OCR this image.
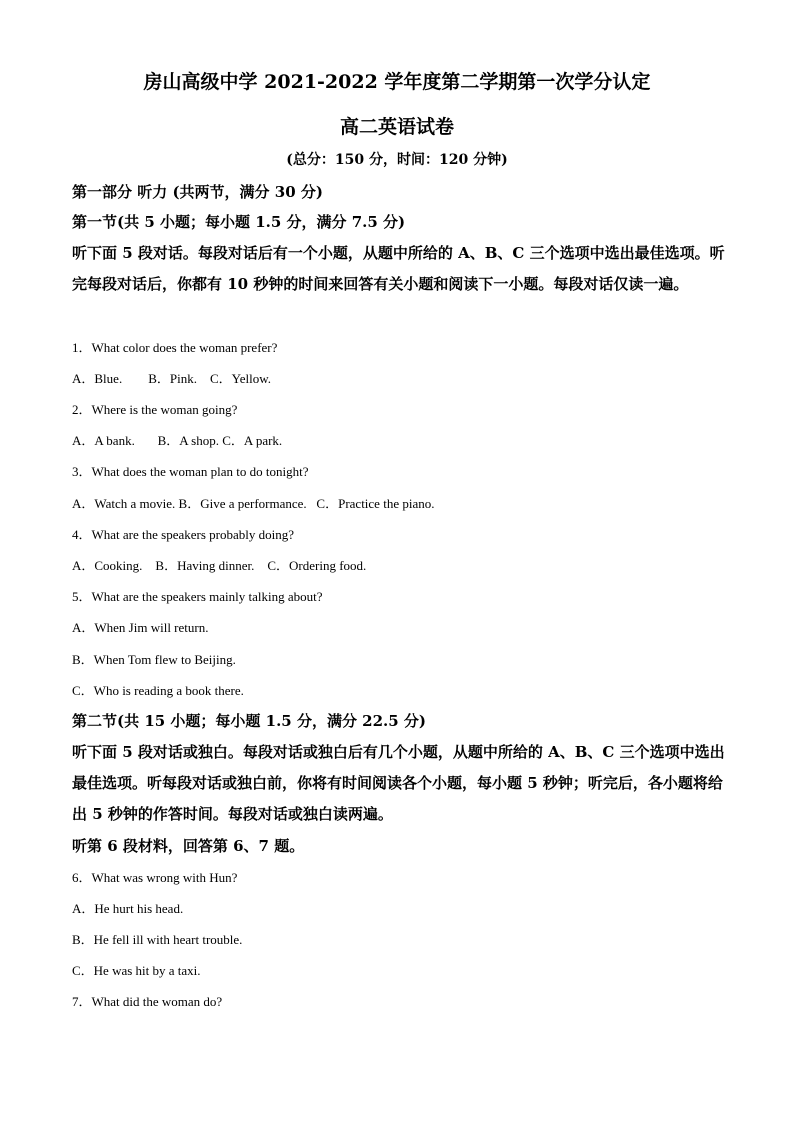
房山高级中学 2021-2022 学年度第二学期第一次学分认定
高二英语试卷
(总分：150 分，时间：120 分钟)
第一部分 听力 (共两节，满分 30 分)
第一节(共 5 小题；每小题 1.5 分，满分 7.5 分)
听下面 5 段对话。每段对话后有一个小题，从题中所给的 A、B、C 三个选项中选出最佳选项。听完每段对话后，你都有 10 秒钟的时间来回答有关小题和阅读下一小题。每段对话仅读一遍。
1．What color does the woman prefer?
A．Blue.        B．Pink.    C．Yellow.
2．Where is the woman going?
A．A bank.       B．A shop. C．A park.
3．What does the woman plan to do tonight?
A．Watch a movie. B．Give a performance.   C．Practice the piano.
4．What are the speakers probably doing?
A．Cooking.    B．Having dinner.    C．Ordering food.
5．What are the speakers mainly talking about?
A．When Jim will return.
B．When Tom flew to Beijing.
C．Who is reading a book there.
第二节(共 15 小题；每小题 1.5 分，满分 22.5 分)
听下面 5 段对话或独白。每段对话或独白后有几个小题，从题中所给的 A、B、C 三个选项中选出最佳选项。听每段对话或独白前，你将有时间阅读各个小题，每小题 5 秒钟；听完后，各小题将给出 5 秒钟的作答时间。每段对话或独白读两遍。
听第 6 段材料，回答第 6、7 题。
6．What was wrong with Hun?
A．He hurt his head.
B．He fell ill with heart trouble.
C．He was hit by a taxi.
7．What did the woman do?
